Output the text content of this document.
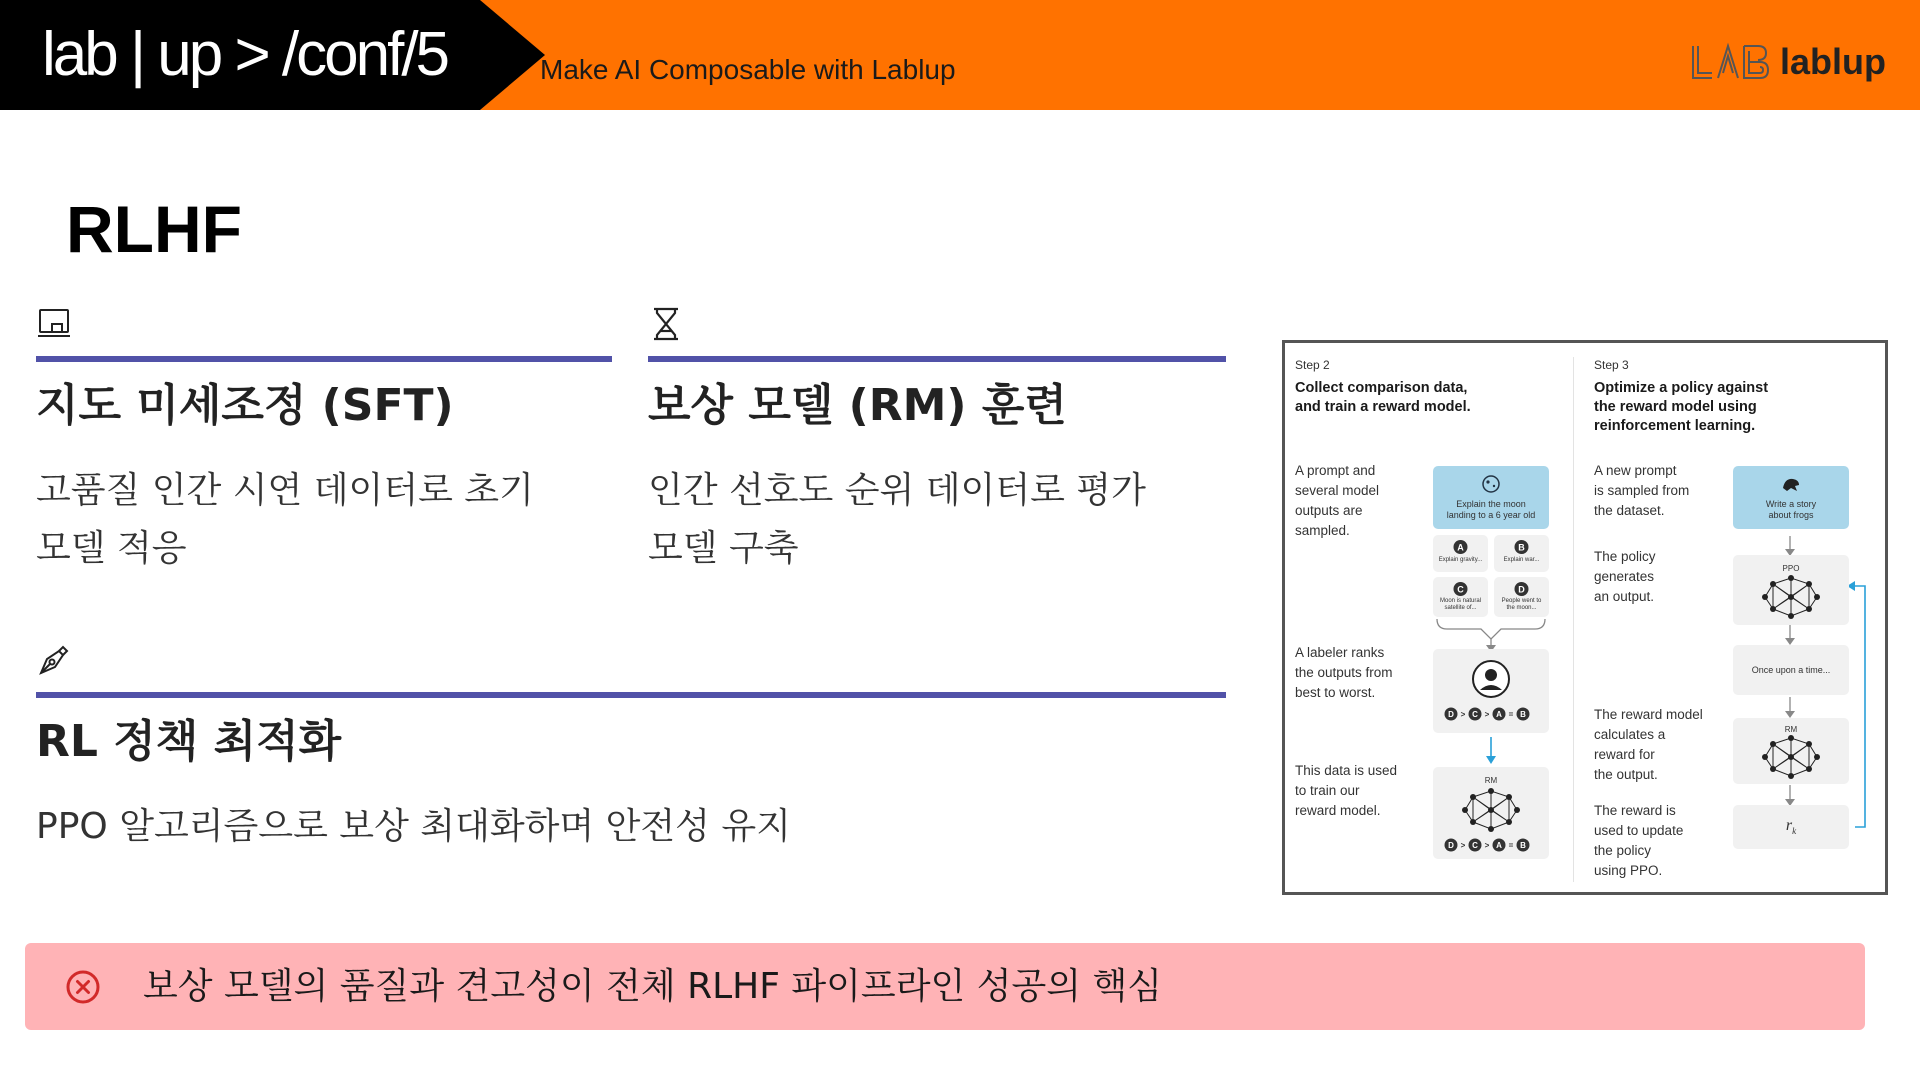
lab | up > /conf/5	Make AI Composable with Lablup	lablup
RLHF
지도 미세조정 (SFT)
고품질 인간 시연 데이터로 초기
모델 적응
보상 모델 (RM) 훈련
인간 선호도 순위 데이터로 평가
모델 구축
RL 정책 최적화
PPO 알고리즘으로 보상 최대화하며 안전성 유지
Step 2
Collect comparison data,
and train a reward model.
A prompt and
several model
outputs are
sampled.
Explain the moon
landing to a 6 year old
A
Explain gravity...
B
Explain war...
C
Moon is natural satellite of...
D
People went to the moon...
A labeler ranks
the outputs from
best to worst.
D > C > A = B
This data is used
to train our
reward model.
RM
D > C > A = B
Step 3
Optimize a policy against
the reward model using
reinforcement learning.
A new prompt
is sampled from
the dataset.	Write a story
about frogs
The policy
generates
an output.
PPO
Once upon a time...
The reward model
calculates a
reward for
the output.
RM
The reward is
used to update
the policy
using PPO.
$r_k$
보상 모델의 품질과 견고성이 전체 RLHF 파이프라인 성공의 핵심
